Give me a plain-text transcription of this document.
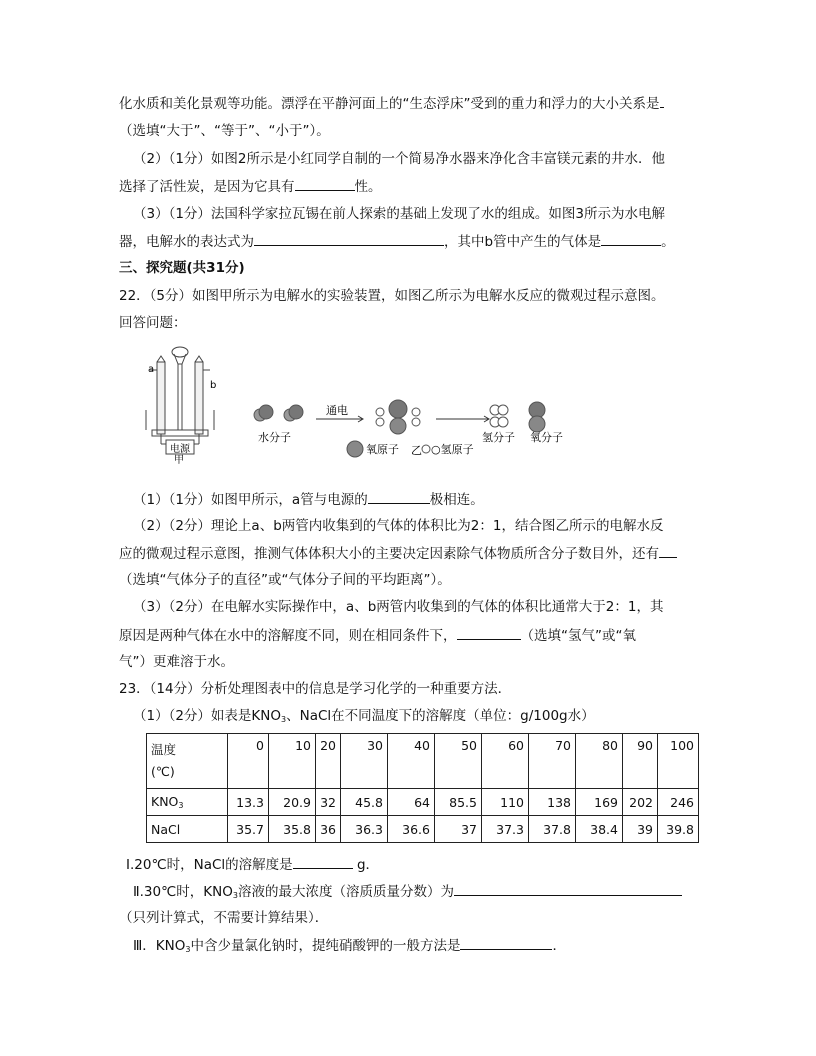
化水质和美化景观等功能。漂浮在平静河面上的“生态浮床”受到的重力和浮力的大小关系是
（选填“大于”、“等于”、“小于”）。
（2）（1分）如图2所示是小红同学自制的一个简易净水器来净化含丰富镁元素的井水．他
选择了活性炭，是因为它具有	性。
（3）（1分）法国科学家拉瓦锡在前人探索的基础上发现了水的组成。如图3所示为水电解
器，电解水的表达式为	，其中b管中产生的气体是	。
三、探究题(共31分)
22．（5分）如图甲所示为电解水的实验装置，如图乙所示为电解水反应的微观过程示意图。
回答问题：
a
b
电源
甲
水分子
通电
氧原子	○氢原子
氢分子 氧分子
乙
（1）（1分）如图甲所示，a管与电源的	极相连。
（2）（2分）理论上a、b两管内收集到的气体的体积比为2：1，结合图乙所示的电解水反
应的微观过程示意图，推测气体体积大小的主要决定因素除气体物质所含分子数目外，还有
（选填“气体分子的直径”或“气体分子间的平均距离”）。
（3）（2分）在电解水实际操作中，a、b两管内收集到的气体的体积比通常大于2：1，其
原因是两种气体在水中的溶解度不同，则在相同条件下，	（选填“氢气”或“氧
气”）更难溶于水。
23．（14分）分析处理图表中的信息是学习化学的一种重要方法．
（1）（2分）如表是$KNO_3$、NaCl在不同温度下的溶解度（单位：g/100g水）
温度
(℃)	0	10	20	30	40	50	60	70	80	90	100
$KNO_3$	13.3	20.9	32	45.8	64	85.5	110	138	169	202	246
NaCl	35.7	35.8	36	36.3	36.6	37	37.3	37.8	38.4	39	39.8
Ⅰ.20℃时，NaCl的溶解度是	g．
Ⅱ.30℃时，$KNO_3$溶液的最大浓度（溶质质量分数）为
（只列计算式，不需要计算结果）．
Ⅲ．$KNO_3$中含少量氯化钠时，提纯硝酸钾的一般方法是	．
